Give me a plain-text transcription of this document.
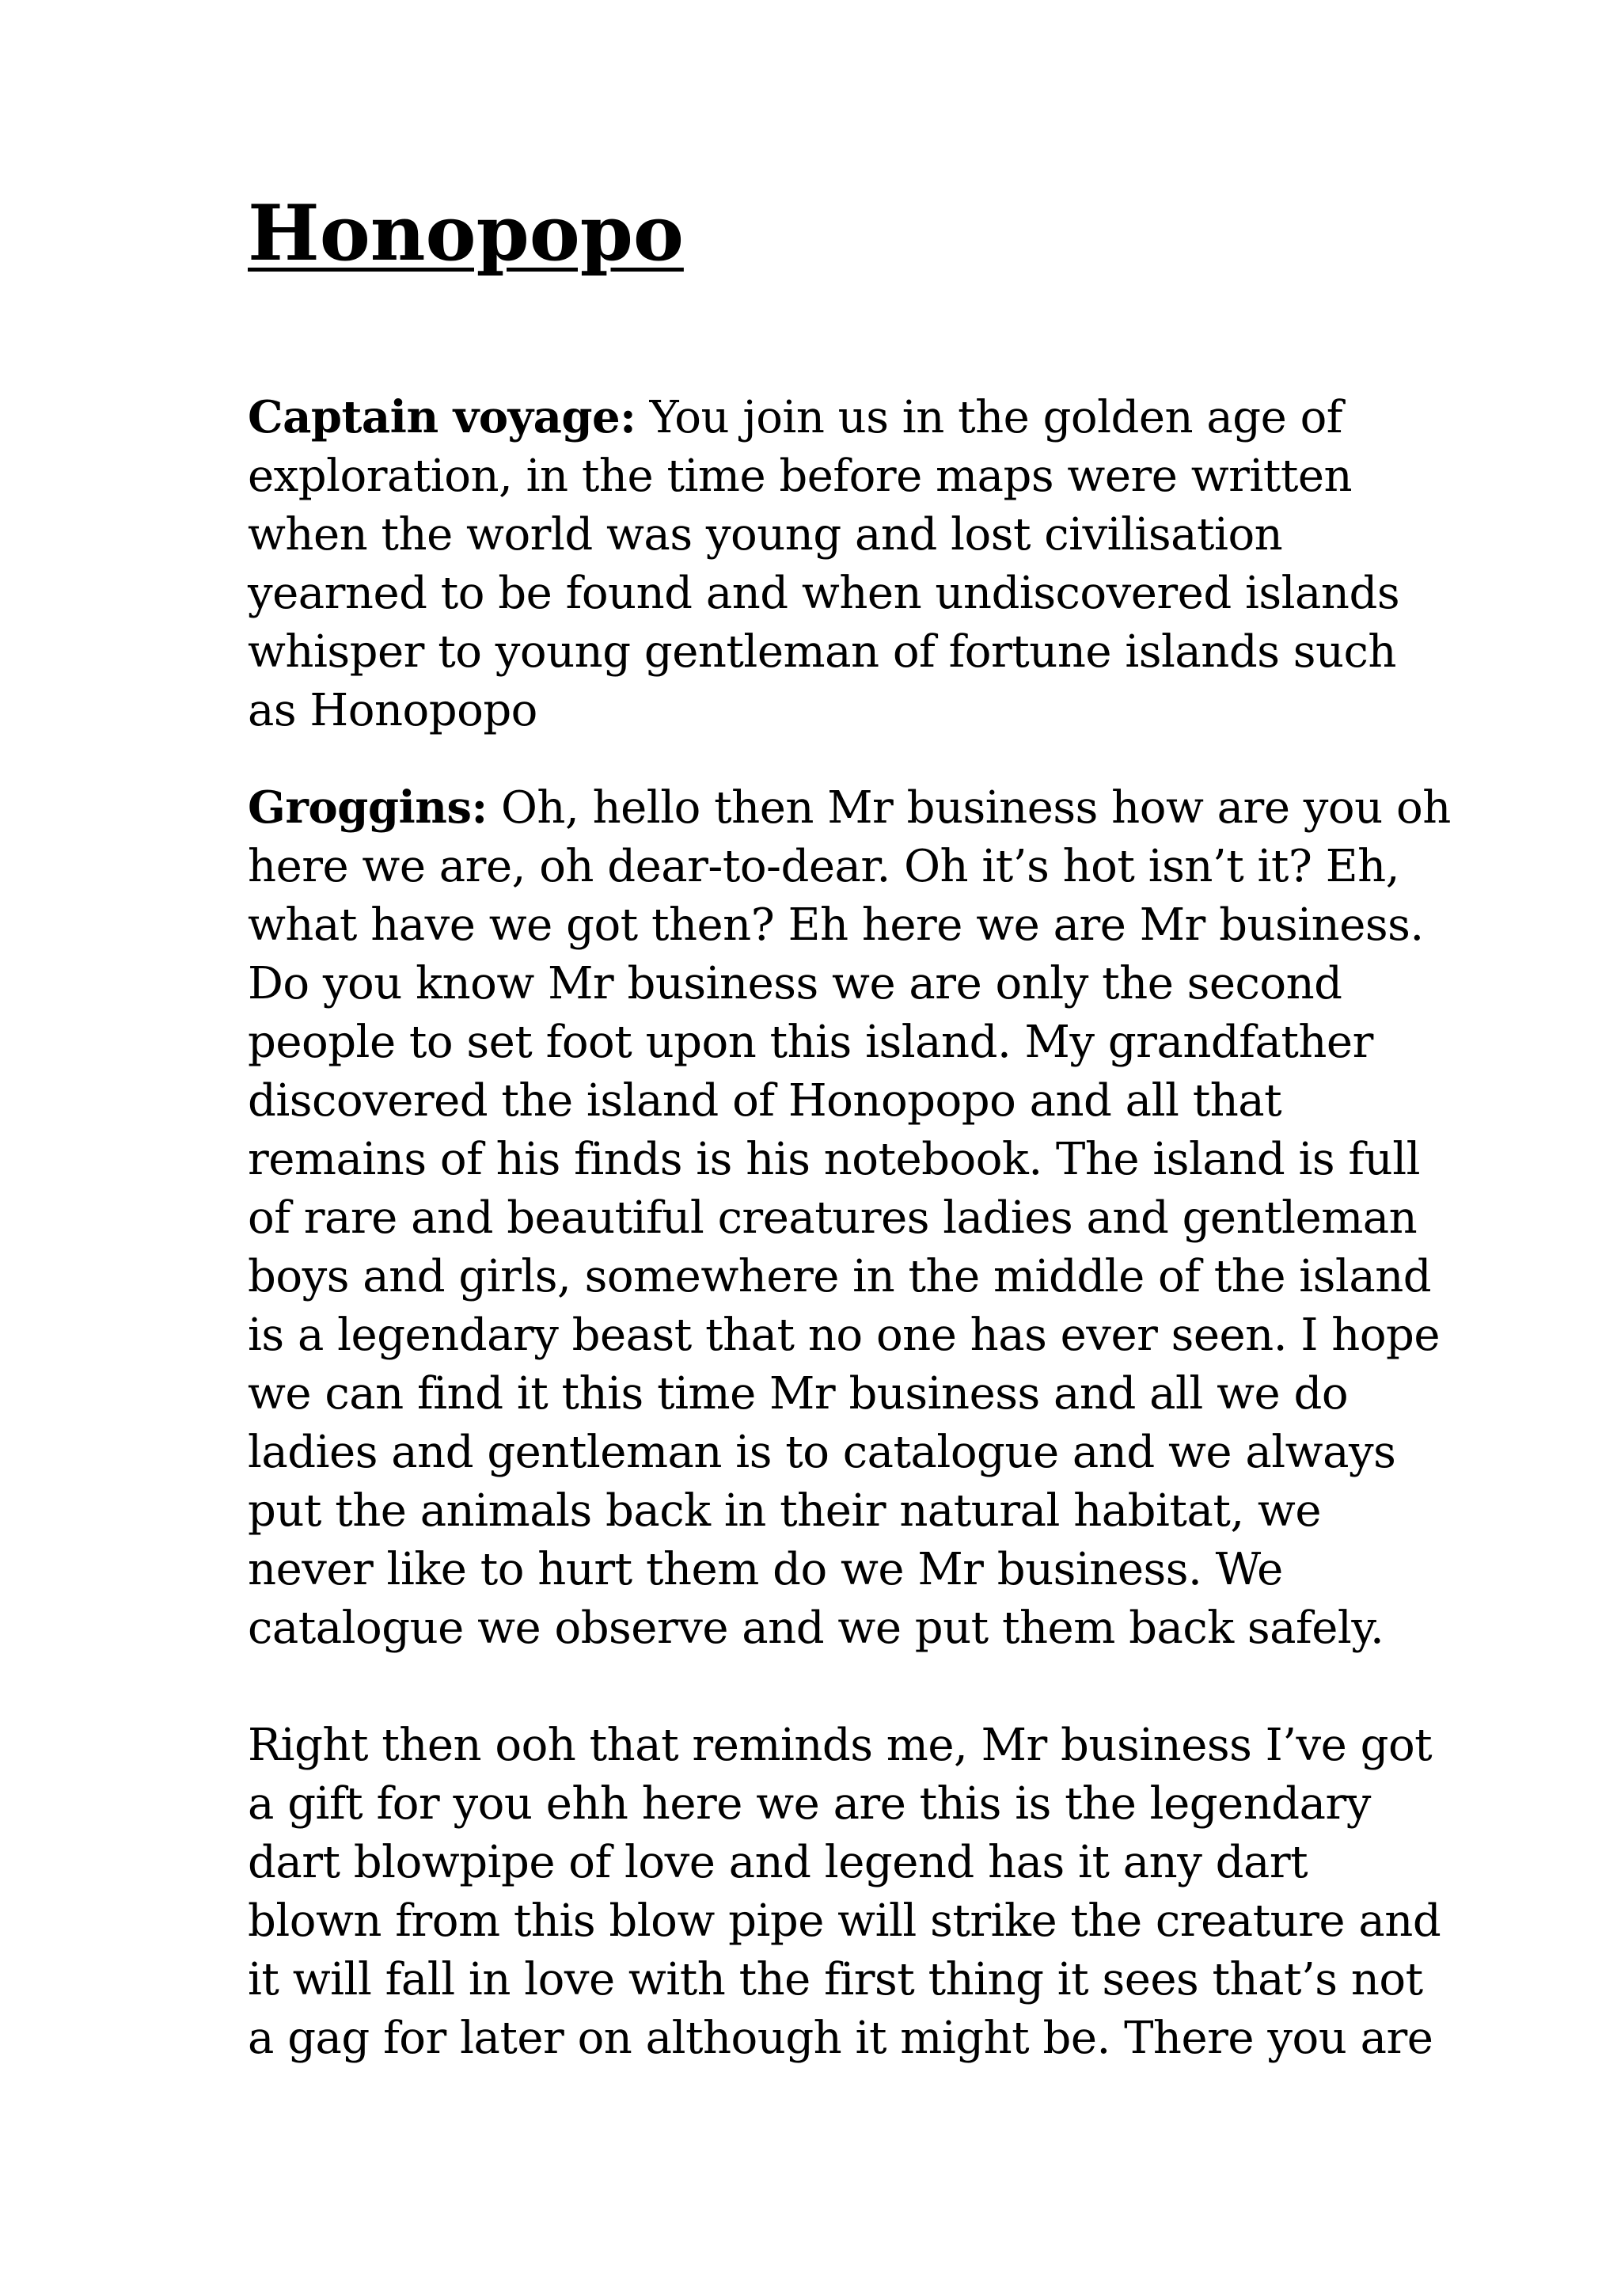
Honopopo

Captain voyage: You join us in the golden age of
exploration, in the time before maps were written
when the world was young and lost civilisation
yearned to be found and when undiscovered islands
whisper to young gentleman of fortune islands such
as Honopopo

Groggins: Oh, hello then Mr business how are you oh
here we are, oh dear-to-dear. Oh it’s hot isn’t it? Eh,
what have we got then? Eh here we are Mr business.
Do you know Mr business we are only the second
people to set foot upon this island. My grandfather
discovered the island of Honopopo and all that
remains of his finds is his notebook. The island is full
of rare and beautiful creatures ladies and gentleman
boys and girls, somewhere in the middle of the island
is a legendary beast that no one has ever seen. I hope
we can find it this time Mr business and all we do
ladies and gentleman is to catalogue and we always
put the animals back in their natural habitat, we
never like to hurt them do we Mr business. We
catalogue we observe and we put them back safely.

Right then ooh that reminds me, Mr business I’ve got
a gift for you ehh here we are this is the legendary
dart blowpipe of love and legend has it any dart
blown from this blow pipe will strike the creature and
it will fall in love with the first thing it sees that’s not
a gag for later on although it might be. There you are
